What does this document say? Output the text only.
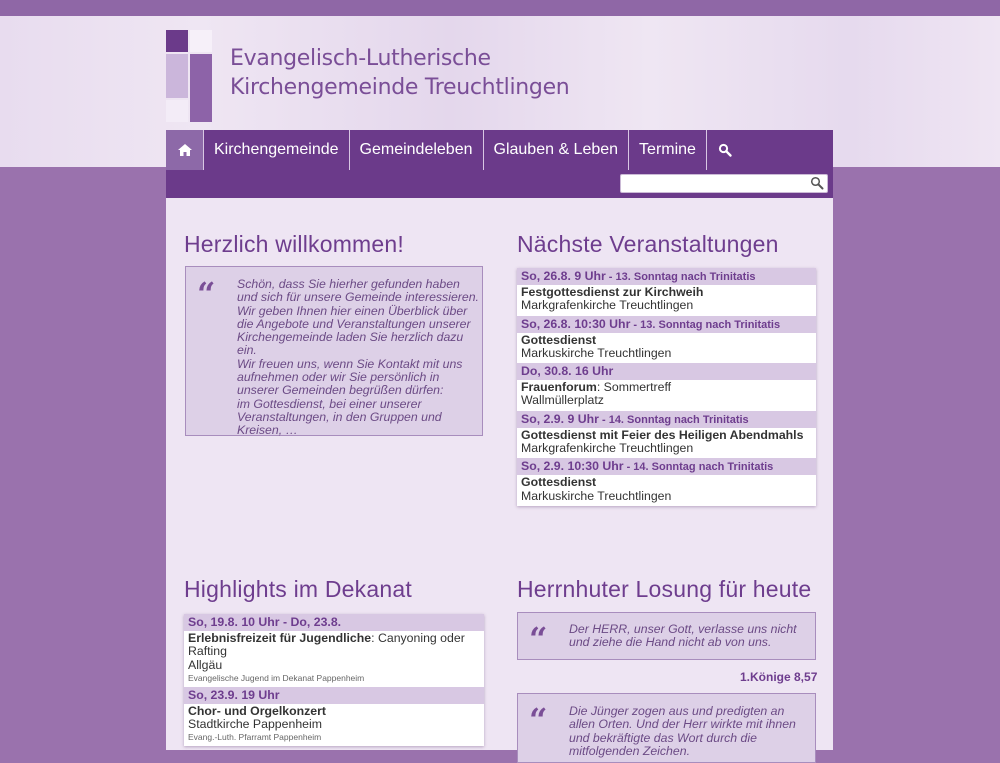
Evangelisch-Lutherische
Kirchengemeinde Treuchtlingen
Kirchengemeinde	Gemeindeleben	Glauben & Leben	Termine
Herzlich willkommen!
“ Schön, dass Sie hierher gefunden haben und sich für unsere Gemeinde interessieren. Wir geben Ihnen hier einen Überblick über die Angebote und Veranstaltungen unserer Kirchengemeinde laden Sie herzlich dazu ein.
Wir freuen uns, wenn Sie Kontakt mit uns aufnehmen oder wir Sie persönlich in unserer Gemeinden begrüßen dürfen:
im Gottesdienst, bei einer unserer Veranstaltungen, in den Gruppen und Kreisen, …
Nächste Veranstaltungen
So, 26.8. 9 Uhr - 13. Sonntag nach Trinitatis
Festgottesdienst zur Kirchweih
Markgrafenkirche Treuchtlingen
So, 26.8. 10:30 Uhr - 13. Sonntag nach Trinitatis
Gottesdienst
Markuskirche Treuchtlingen
Do, 30.8. 16 Uhr
Frauenforum: Sommertreff
Wallmüllerplatz
So, 2.9. 9 Uhr - 14. Sonntag nach Trinitatis
Gottesdienst mit Feier des Heiligen Abendmahls
Markgrafenkirche Treuchtlingen
So, 2.9. 10:30 Uhr - 14. Sonntag nach Trinitatis
Gottesdienst
Markuskirche Treuchtlingen
Highlights im Dekanat
So, 19.8. 10 Uhr - Do, 23.8.
Erlebnisfreizeit für Jugendliche: Canyoning oder Rafting
Allgäu
Evangelische Jugend im Dekanat Pappenheim
So, 23.9. 19 Uhr
Chor- und Orgelkonzert
Stadtkirche Pappenheim
Evang.-Luth. Pfarramt Pappenheim
Herrnhuter Losung für heute
“ Der HERR, unser Gott, verlasse uns nicht und ziehe die Hand nicht ab von uns.
1.Könige 8,57
“ Die Jünger zogen aus und predigten an allen Orten. Und der Herr wirkte mit ihnen und bekräftigte das Wort durch die mitfolgenden Zeichen.
